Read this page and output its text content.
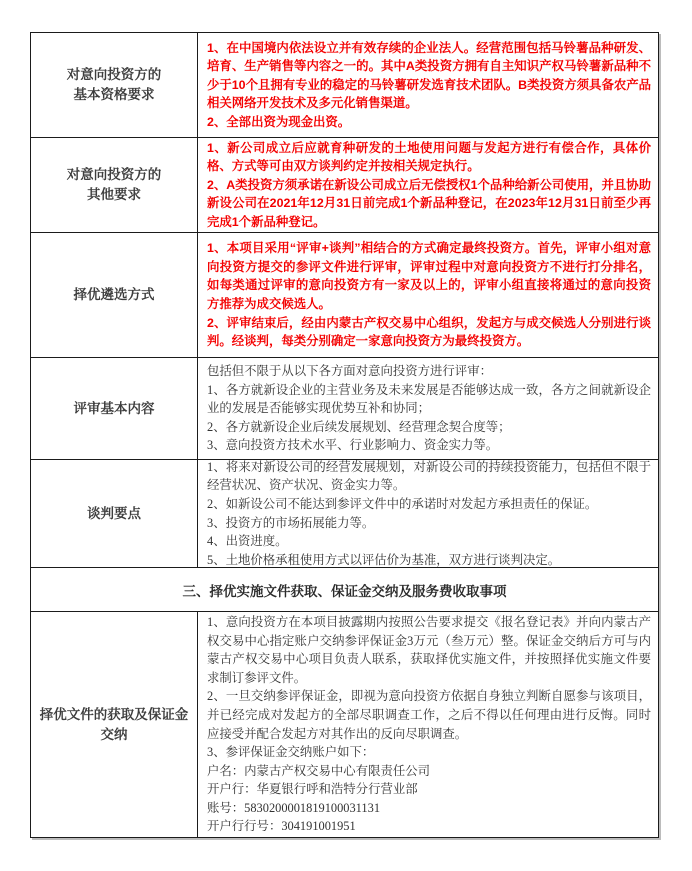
对意向投资方的
基本资格要求
1、在中国境内依法设立并有效存续的企业法人。经营范围包括马铃薯品种研发、培育、生产销售等内容之一的。其中A类投资方拥有自主知识产权马铃薯新品种不少于10个且拥有专业的稳定的马铃薯研发选育技术团队。B类投资方须具备农产品相关网络开发技术及多元化销售渠道。
2、全部出资为现金出资。
对意向投资方的
其他要求
1、新公司成立后应就育种研发的土地使用问题与发起方进行有偿合作，具体价格、方式等可由双方谈判约定并按相关规定执行。
2、A类投资方须承诺在新设公司成立后无偿授权1个品种给新公司使用，并且协助新设公司在2021年12月31日前完成1个新品种登记，在2023年12月31日前至少再完成1个新品种登记。
择优遴选方式
1、本项目采用“评审+谈判”相结合的方式确定最终投资方。首先，评审小组对意向投资方提交的参评文件进行评审，评审过程中对意向投资方不进行打分排名，如每类通过评审的意向投资方有一家及以上的，评审小组直接将通过的意向投资方推荐为成交候选人。
2、评审结束后，经由内蒙古产权交易中心组织，发起方与成交候选人分别进行谈判。经谈判，每类分别确定一家意向投资方为最终投资方。
评审基本内容
包括但不限于从以下各方面对意向投资方进行评审：
1、各方就新设企业的主营业务及未来发展是否能够达成一致，各方之间就新设企业的发展是否能够实现优势互补和协同；
2、各方就新设企业后续发展规划、经营理念契合度等；
3、意向投资方技术水平、行业影响力、资金实力等。
谈判要点
1、将来对新设公司的经营发展规划，对新设公司的持续投资能力，包括但不限于经营状况、资产状况、资金实力等。
2、如新设公司不能达到参评文件中的承诺时对发起方承担责任的保证。
3、投资方的市场拓展能力等。
4、出资进度。
5、土地价格承租使用方式以评估价为基准，双方进行谈判决定。
三、择优实施文件获取、保证金交纳及服务费收取事项
择优文件的获取及保证金
交纳
1、意向投资方在本项目披露期内按照公告要求提交《报名登记表》并向内蒙古产权交易中心指定账户交纳参评保证金3万元（叁万元）整。保证金交纳后方可与内蒙古产权交易中心项目负责人联系，获取择优实施文件，并按照择优实施文件要求制订参评文件。
2、一旦交纳参评保证金，即视为意向投资方依据自身独立判断自愿参与该项目，并已经完成对发起方的全部尽职调查工作，之后不得以任何理由进行反悔。同时应接受并配合发起方对其作出的反向尽职调查。
3、参评保证金交纳账户如下：
户名：内蒙古产权交易中心有限责任公司
开户行：华夏银行呼和浩特分行营业部
账号：5830200001819100031131
开户行行号：304191001951
